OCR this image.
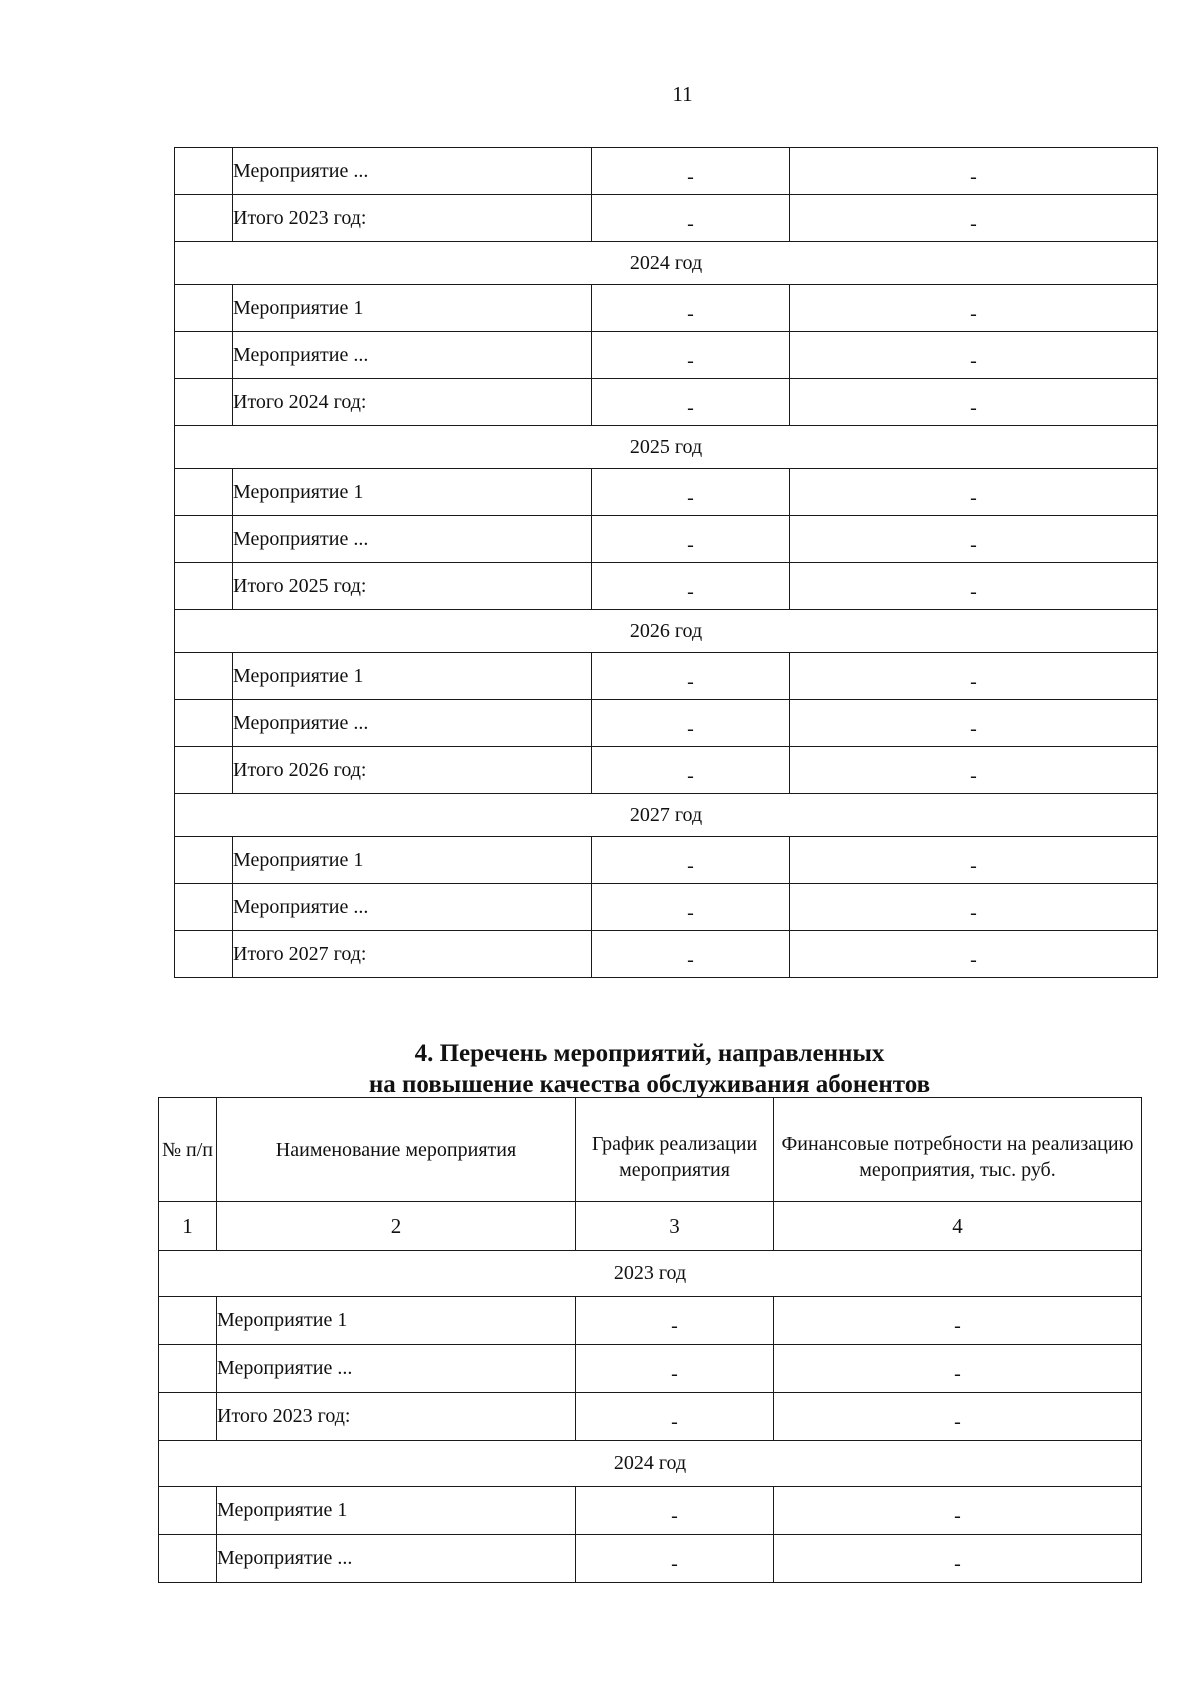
11
	Мероприятие ...	-	-
	Итого 2023 год:	-	-
2024 год			
	Мероприятие 1	-	-
	Мероприятие ...	-	-
	Итого 2024 год:	-	-
2025 год			
	Мероприятие 1	-	-
	Мероприятие ...	-	-
	Итого 2025 год:	-	-
2026 год			
	Мероприятие 1	-	-
	Мероприятие ...	-	-
	Итого 2026 год:	-	-
2027 год			
	Мероприятие 1	-	-
	Мероприятие ...	-	-
	Итого 2027 год:	-	-
4. Перечень мероприятий, направленных
на повышение качества обслуживания абонентов
№ п/п	Наименование мероприятия	График реализации мероприятия	Финансовые потребности на реализацию мероприятия, тыс. руб.
1	2	3	4
2023 год			
	Мероприятие 1	-	-
	Мероприятие ...	-	-
	Итого 2023 год:	-	-
2024 год			
	Мероприятие 1	-	-
	Мероприятие ...	-	-
